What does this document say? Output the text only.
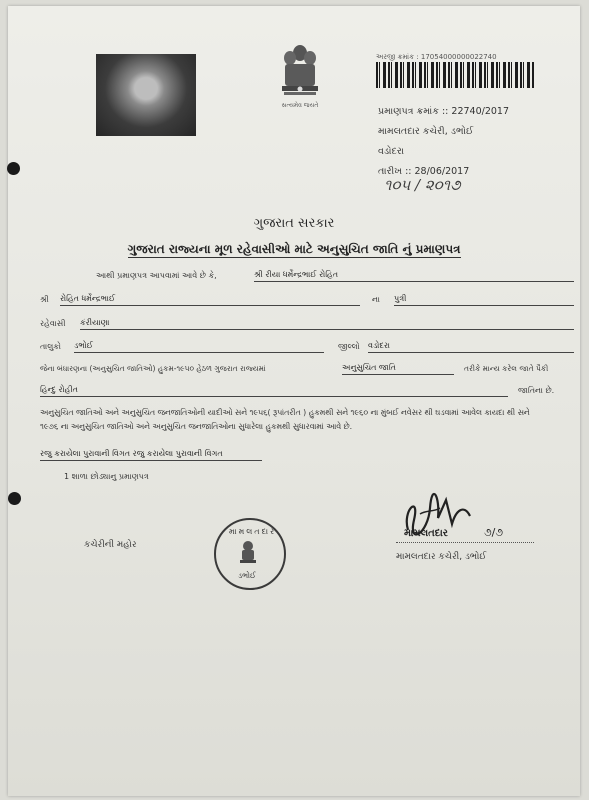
સત્યમેવ જયતે
અરજી ક્રમાંક : 17054000000022740
પ્રમાણપત્ર ક્રમાંક :: 22740/2017
મામલતદાર કચેરી, ડભોઈ
વડોદરા
તારીખ :: 28/06/2017
૧૦૫ / ૨૦૧૭
ગુજરાત સરકાર
ગુજરાત રાજ્યના મૂળ રહેવાસીઓ માટે અનુસુચિત જાતિ નું પ્રમાણપત્ર
આથી પ્રમાણપત્ર આપવામાં આવે છે કે,	શ્રી રીયા ધર્મેન્દ્રભાઈ રોહિત
શ્રી રોહિત ધર્મેન્દ્રભાઈ	ના પુત્રી
રહેવાસી કંરીયાણા
તાલુકો ડભોઈ	જીલ્લો વડોદરા
જેના બંધારણના (અનુસુચિત જાતિઓ) હુકમ-૧૯૫૦ હેઠળ ગુજરાત રાજ્યમાં	અનુસુચિત જાતિ	તરીકે માન્ય કરેલ જાતે પૈકી
હિન્દુ રોહીત	જાતિના છે.
અનુસુચિત જાતિઓ અને અનુસુચિત જનજાતિઓની યાદીઓ સને ૧૯૫૬( રૂપાંતરીત ) હુકમથી સને ૧૯૬૦ ના મુંબઈ નવેસર થી ઘડવામાં આવેલ કાયદા થી સને ૧૯૭૬ ના અનુસુચિત જાતિઓ અને અનુસુચિત જનજાતિઓના સુધારેલા હુકમથી સુધારવામાં આવે છે.
રજુ કરાયેલા પુરાવાની વિગત રજુ કરાયેલા પુરાવાની વિગત
1 શાળા છોડ્યાનુ પ્રમાણપત્ર
કચેરીની મહોર
મામલતદાર
ડભોઈ
મામલતદાર	૭/૭
મામલતદાર કચેરી, ડભોઈ
